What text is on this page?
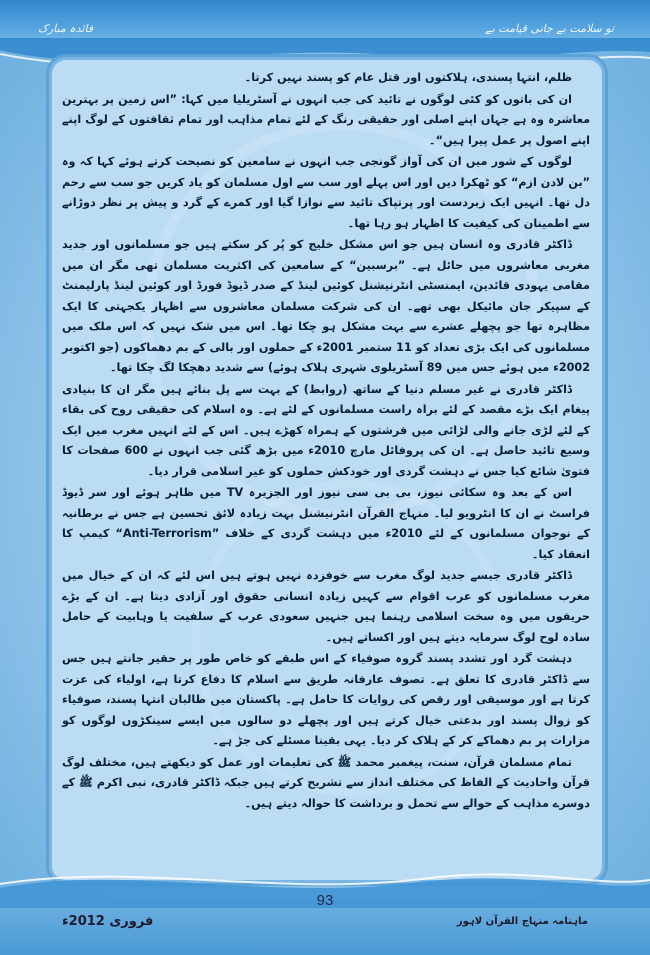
فائدہ مبارک	تو سلامت بے جانی قیامت بے

ظلم، انتہا پسندی، ہلاکتوں اور قتل عام کو پسند نہیں کرتا۔

ان کی باتوں کو کئی لوگوں نے تائید کی جب انہوں نے آسٹریلیا میں کہا: ”اس زمین پر بہترین معاشرہ وہ ہے جہاں اپنے اصلی اور حقیقی رنگ کے لئے تمام مذاہب اور تمام ثقافتوں کے لوگ اپنے اپنے اصول پر عمل پیرا ہیں“۔

لوگوں کے شور میں ان کی آواز گونجی جب انہوں نے سامعین کو نصیحت کرتے ہوئے کہا کہ وہ ”بن لادن ازم“ کو ٹھکرا دیں اور اس پہلے اور سب سے اول مسلمان کو یاد کریں جو سب سے رحم دل تھا۔ انہیں ایک زبردست اور پرتپاک تائید سے نوازا گیا اور کمرے کے گرد و پیش پر نظر دوڑانے سے اطمینان کی کیفیت کا اظہار ہو رہا تھا۔

ڈاکٹر قادری وہ انسان ہیں جو اس مشکل خلیج کو پُر کر سکتے ہیں جو مسلمانوں اور جدید مغربی معاشروں میں حائل ہے۔ ”برسبین“ کے سامعین کی اکثریت مسلمان تھی مگر ان میں مقامی یہودی قائدین، ایمنسٹی انٹرنیشنل کوئین لینڈ کے صدر ڈیوڈ فورڈ اور کوئین لینڈ پارلیمنٹ کے سپیکر جان مائیکل بھی تھے۔ ان کی شرکت مسلمان معاشروں سے اظہار یکجہتی کا ایک مظاہرہ تھا جو پچھلے عشرے سے بہت مشکل ہو چکا تھا۔ اس میں شک نہیں کہ اس ملک میں مسلمانوں کی ایک بڑی تعداد کو 11 ستمبر 2001ء کے حملوں اور بالی کے بم دھماکوں (جو اکتوبر 2002ء میں ہوئے جس میں 89 آسٹریلوی شہری ہلاک ہوئے) سے شدید دھچکا لگ چکا تھا۔

ڈاکٹر قادری نے غیر مسلم دنیا کے ساتھ (روابط) کے بہت سے پل بنائے ہیں مگر ان کا بنیادی پیغام ایک بڑے مقصد کے لئے براہ راست مسلمانوں کے لئے ہے۔ وہ اسلام کی حقیقی روح کی بقاء کے لئے لڑی جانے والی لڑائی میں فرشتوں کے ہمراہ کھڑے ہیں۔ اس کے لئے انہیں مغرب میں ایک وسیع تائید حاصل ہے۔ ان کی پروفائل مارچ 2010ء میں بڑھ گئی جب انہوں نے 600 صفحات کا فتویٰ شائع کیا جس نے دہشت گردی اور خودکش حملوں کو غیر اسلامی قرار دیا۔

اس کے بعد وہ سکائی نیوز، بی بی سی نیوز اور الجزیرہ TV میں ظاہر ہوئے اور سر ڈیوڈ فراسٹ نے ان کا انٹرویو لیا۔ منہاج القرآن انٹرنیشنل بہت زیادہ لائق تحسین ہے جس نے برطانیہ کے نوجوان مسلمانوں کے لئے 2010ء میں دہشت گردی کے خلاف ”Anti-Terrorism“ کیمپ کا انعقاد کیا۔

ڈاکٹر قادری جیسے جدید لوگ مغرب سے خوفزدہ نہیں ہوتے ہیں اس لئے کہ ان کے خیال میں مغرب مسلمانوں کو عرب اقوام سے کہیں زیادہ انسانی حقوق اور آزادی دیتا ہے۔ ان کے بڑے حریفوں میں وہ سخت اسلامی رہنما ہیں جنہیں سعودی عرب کے سلفیت یا وہابیت کے حامل سادہ لوح لوگ سرمایہ دیتے ہیں اور اکساتے ہیں۔

دہشت گرد اور تشدد پسند گروہ صوفیاء کے اس طبقے کو خاص طور پر حقیر جانتے ہیں جس سے ڈاکٹر قادری کا تعلق ہے۔ تصوف عارفانہ طریق سے اسلام کا دفاع کرتا ہے، اولیاء کی عزت کرتا ہے اور موسیقی اور رقص کی روایات کا حامل ہے۔ پاکستان میں طالبان انتہا پسند، صوفیاء کو زوال پسند اور بدعتی خیال کرتے ہیں اور پچھلے دو سالوں میں ایسے سینکڑوں لوگوں کو مزارات پر بم دھماکے کر کے ہلاک کر دیا۔ یہی بقینا مسئلے کی جڑ ہے۔

تمام مسلمان قرآن، سنت، پیغمبر محمد ﷺ کی تعلیمات اور عمل کو دیکھتے ہیں، مختلف لوگ قرآن واحادیث کے الفاظ کی مختلف انداز سے تشریح کرتے ہیں جبکہ ڈاکٹر قادری، نبی اکرم ﷺ کے دوسرے مذاہب کے حوالے سے تحمل و برداشت کا حوالہ دیتے ہیں۔

93
فروری 2012ء	ماہنامہ منہاج القرآن لاہور
